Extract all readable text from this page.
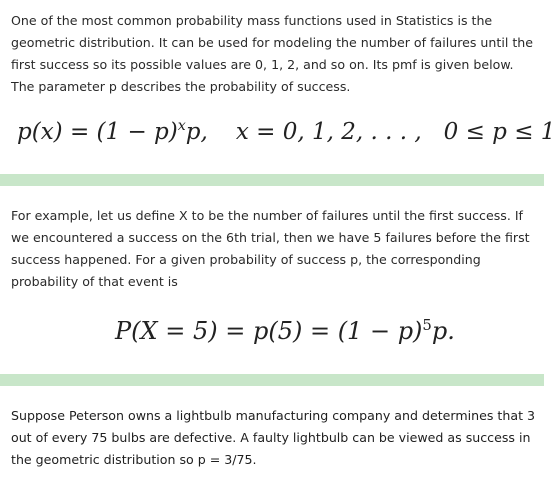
One of the most common probability mass functions used in Statistics is the geometric distribution. It can be used for modeling the number of failures until the first success so its possible values are 0, 1, 2, and so on. Its pmf is given below. The parameter p describes the probability of success.

$p(x) = (1 - p)^xp$, x = 0, 1, 2, . . . , 0 ≤ p ≤ 1

For example, let us define X to be the number of failures until the first success. If we encountered a success on the 6th trial, then we have 5 failures before the first success happened. For a given probability of success p, the corresponding probability of that event is

$P(X = 5) = p(5) = (1 - p)^5p$.

Suppose Peterson owns a lightbulb manufacturing company and determines that 3 out of every 75 bulbs are defective. A faulty lightbulb can be viewed as success in the geometric distribution so p = 3/75.
